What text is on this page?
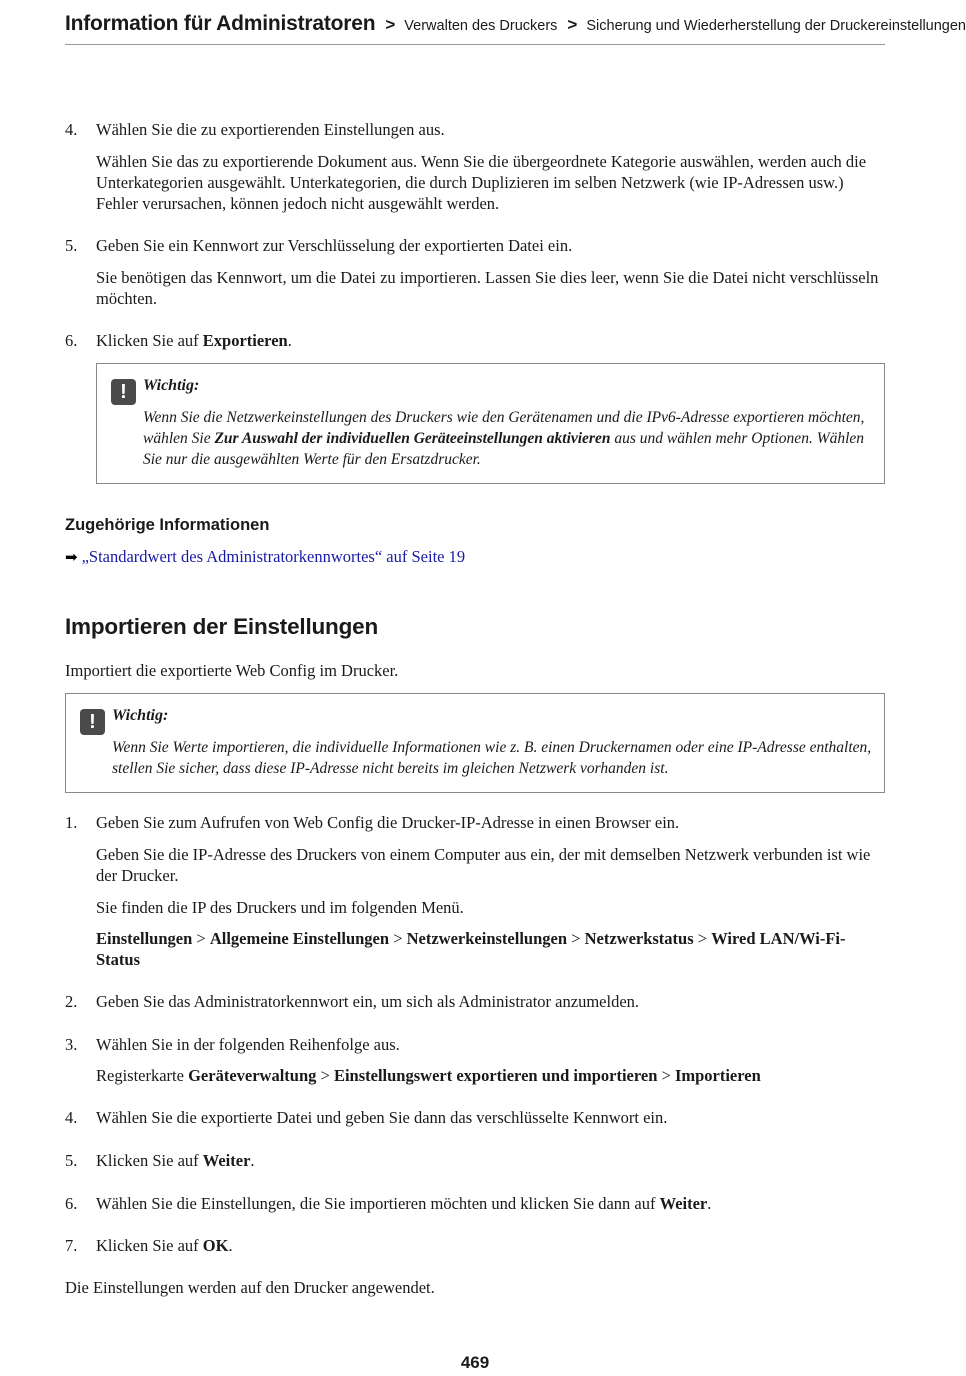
Information für Administratoren > Verwalten des Druckers > Sicherung und Wiederherstellung der Druckereinstellungen
4. Wählen Sie die zu exportierenden Einstellungen aus.
Wählen Sie das zu exportierende Dokument aus. Wenn Sie die übergeordnete Kategorie auswählen, werden auch die Unterkategorien ausgewählt. Unterkategorien, die durch Duplizieren im selben Netzwerk (wie IP-Adressen usw.) Fehler verursachen, können jedoch nicht ausgewählt werden.
5. Geben Sie ein Kennwort zur Verschlüsselung der exportierten Datei ein.
Sie benötigen das Kennwort, um die Datei zu importieren. Lassen Sie dies leer, wenn Sie die Datei nicht verschlüsseln möchten.
6. Klicken Sie auf Exportieren.
!	Wichtig:
Wenn Sie die Netzwerkeinstellungen des Druckers wie den Gerätenamen und die IPv6-Adresse exportieren möchten, wählen Sie Zur Auswahl der individuellen Geräteeinstellungen aktivieren aus und wählen mehr Optionen. Wählen Sie nur die ausgewählten Werte für den Ersatzdrucker.
Zugehörige Informationen
➡ „Standardwert des Administratorkennwortes“ auf Seite 19
Importieren der Einstellungen
Importiert die exportierte Web Config im Drucker.
!	Wichtig:
Wenn Sie Werte importieren, die individuelle Informationen wie z. B. einen Druckernamen oder eine IP-Adresse enthalten, stellen Sie sicher, dass diese IP-Adresse nicht bereits im gleichen Netzwerk vorhanden ist.
1. Geben Sie zum Aufrufen von Web Config die Drucker-IP-Adresse in einen Browser ein.
Geben Sie die IP-Adresse des Druckers von einem Computer aus ein, der mit demselben Netzwerk verbunden ist wie der Drucker.
Sie finden die IP des Druckers und im folgenden Menü.
Einstellungen > Allgemeine Einstellungen > Netzwerkeinstellungen > Netzwerkstatus > Wired LAN/Wi-Fi-Status
2. Geben Sie das Administratorkennwort ein, um sich als Administrator anzumelden.
3. Wählen Sie in der folgenden Reihenfolge aus.
Registerkarte Geräteverwaltung > Einstellungswert exportieren und importieren > Importieren
4. Wählen Sie die exportierte Datei und geben Sie dann das verschlüsselte Kennwort ein.
5. Klicken Sie auf Weiter.
6. Wählen Sie die Einstellungen, die Sie importieren möchten und klicken Sie dann auf Weiter.
7. Klicken Sie auf OK.
Die Einstellungen werden auf den Drucker angewendet.
469
